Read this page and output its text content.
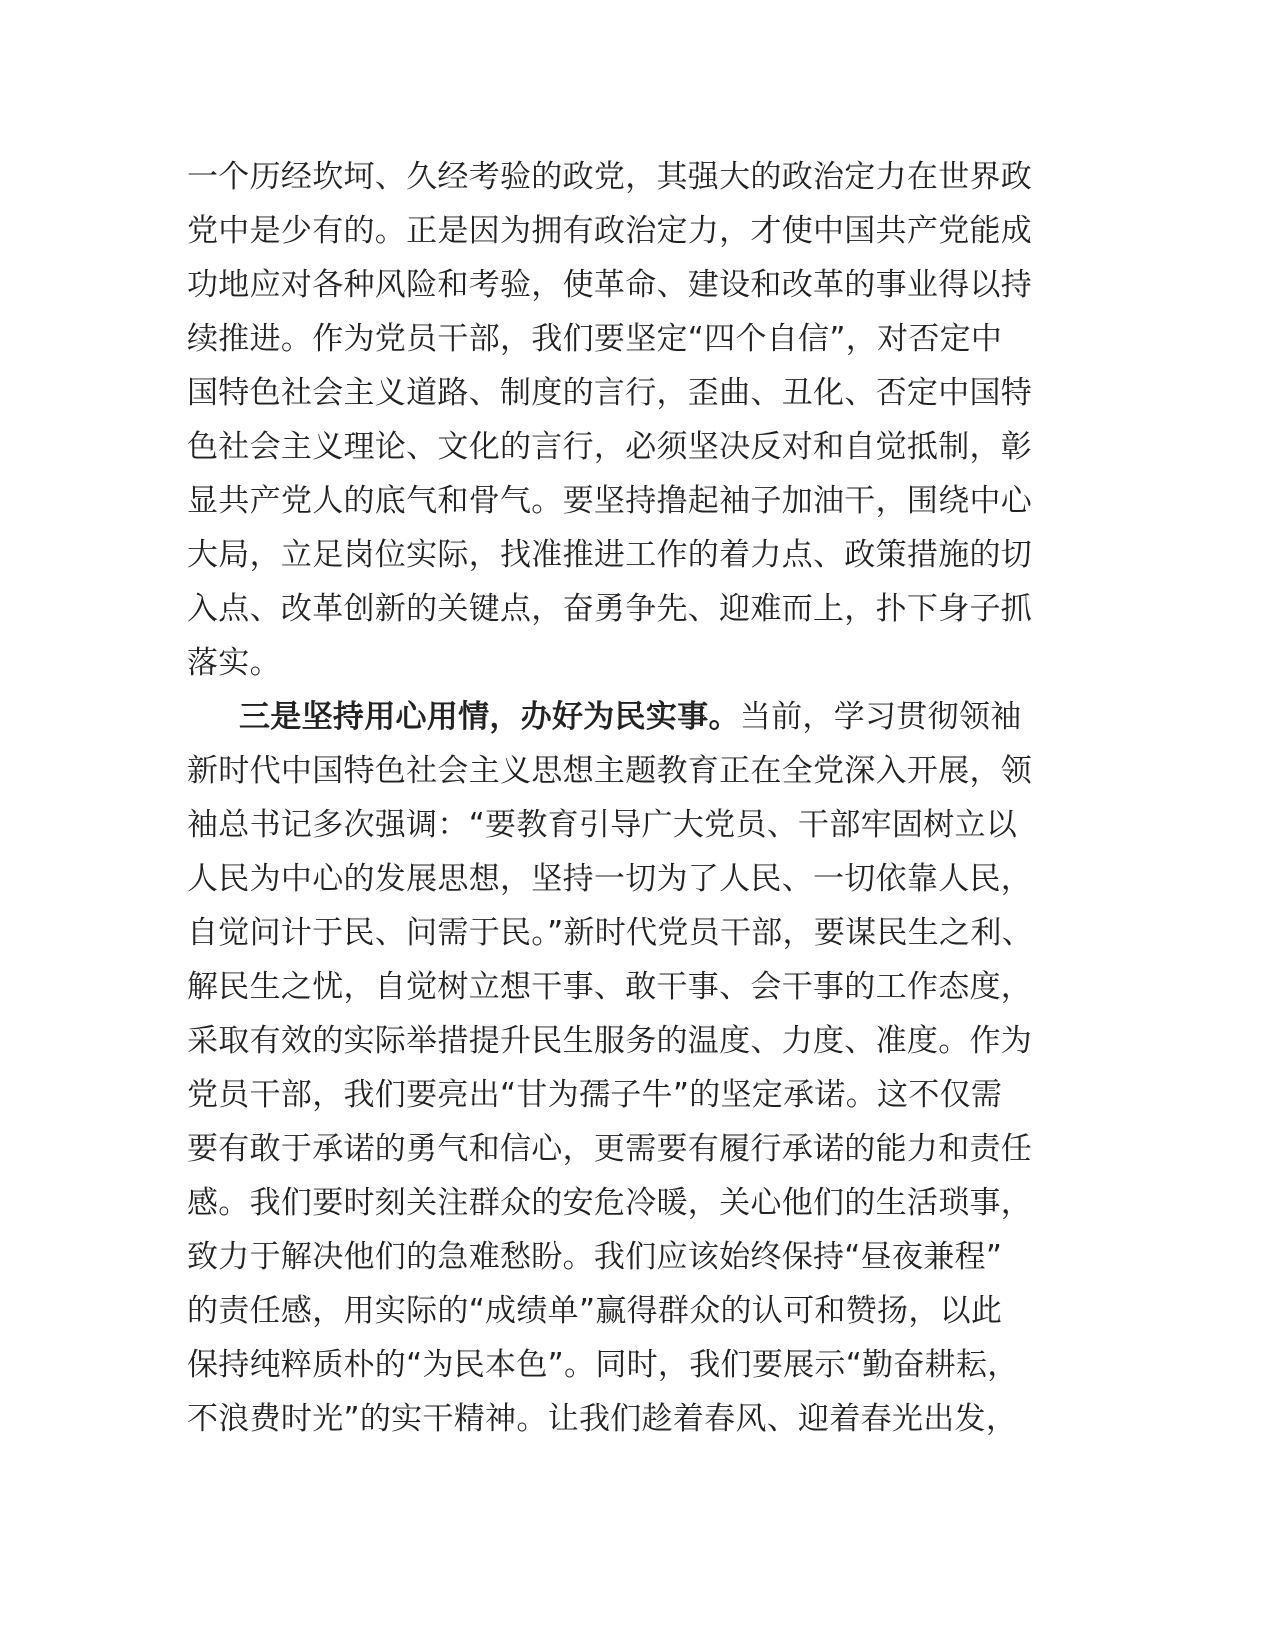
一个历经坎坷、久经考验的政党，其强大的政治定力在世界政
党中是少有的。正是因为拥有政治定力，才使中国共产党能成
功地应对各种风险和考验，使革命、建设和改革的事业得以持
续推进。作为党员干部，我们要坚定“四个自信”，对否定中
国特色社会主义道路、制度的言行，歪曲、丑化、否定中国特
色社会主义理论、文化的言行，必须坚决反对和自觉抵制，彰
显共产党人的底气和骨气。要坚持撸起袖子加油干，围绕中心
大局，立足岗位实际，找准推进工作的着力点、政策措施的切
入点、改革创新的关键点，奋勇争先、迎难而上，扑下身子抓
落实。
三是坚持用心用情，办好为民实事。当前，学习贯彻领袖
新时代中国特色社会主义思想主题教育正在全党深入开展，领
袖总书记多次强调：“要教育引导广大党员、干部牢固树立以
人民为中心的发展思想，坚持一切为了人民、一切依靠人民，
自觉问计于民、问需于民。”新时代党员干部，要谋民生之利、
解民生之忧，自觉树立想干事、敢干事、会干事的工作态度，
采取有效的实际举措提升民生服务的温度、力度、准度。作为
党员干部，我们要亮出“甘为孺子牛”的坚定承诺。这不仅需
要有敢于承诺的勇气和信心，更需要有履行承诺的能力和责任
感。我们要时刻关注群众的安危冷暖，关心他们的生活琐事，
致力于解决他们的急难愁盼。我们应该始终保持“昼夜兼程”
的责任感，用实际的“成绩单”赢得群众的认可和赞扬，以此
保持纯粹质朴的“为民本色”。同时，我们要展示“勤奋耕耘，
不浪费时光”的实干精神。让我们趁着春风、迎着春光出发，
